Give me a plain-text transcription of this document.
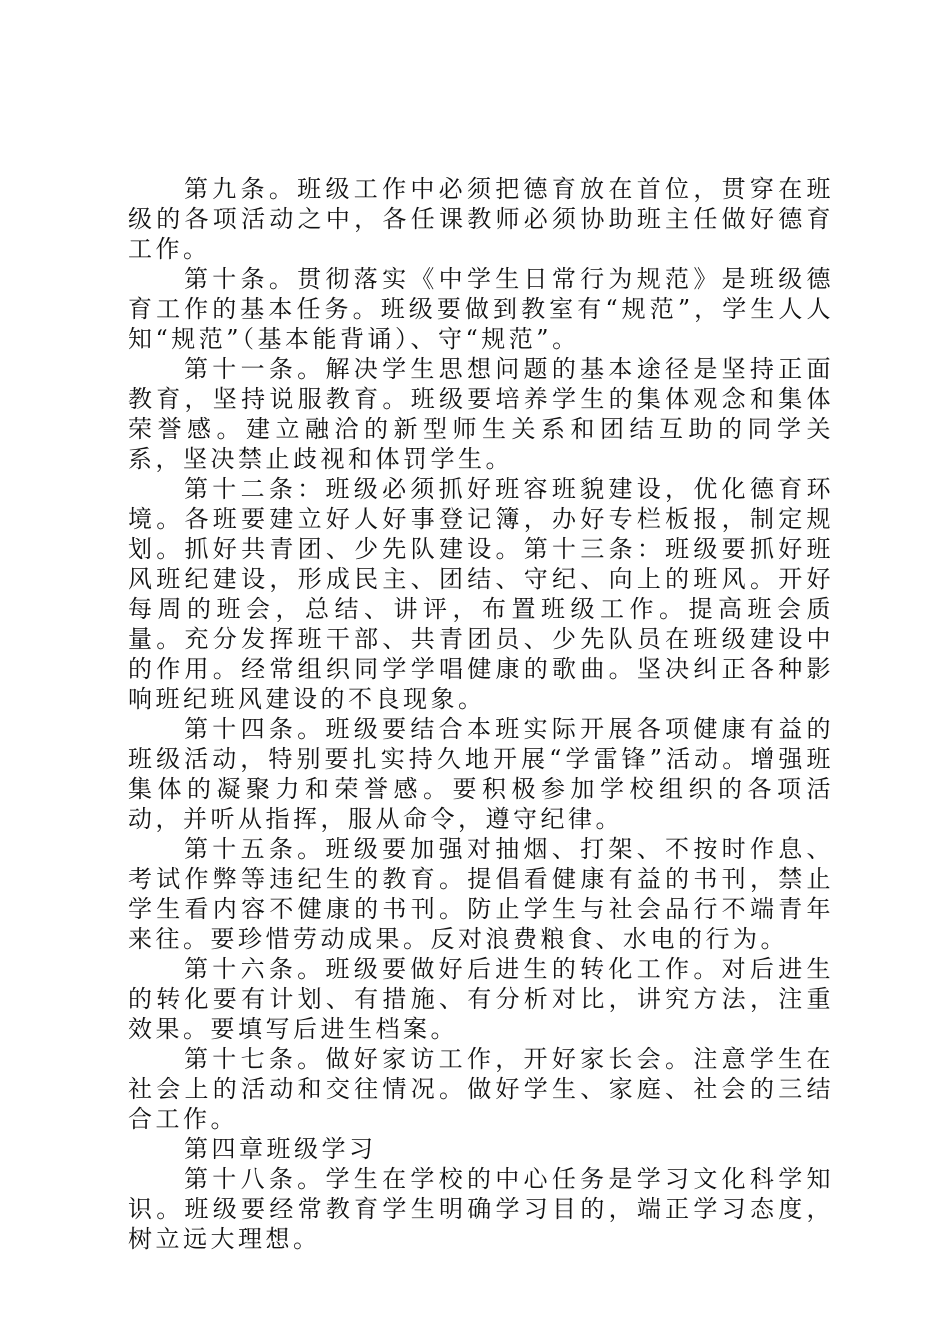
第九条。班级工作中必须把德育放在首位，贯穿在班级的各项活动之中，各任课教师必须协助班主任做好德育工作。

第十条。贯彻落实《中学生日常行为规范》是班级德育工作的基本任务。班级要做到教室有“规范”，学生人人知“规范”（基本能背诵）、守“规范”。

第十一条。解决学生思想问题的基本途径是坚持正面教育，坚持说服教育。班级要培养学生的集体观念和集体荣誉感。建立融洽的新型师生关系和团结互助的同学关系，坚决禁止歧视和体罚学生。

第十二条：班级必须抓好班容班貌建设，优化德育环境。各班要建立好人好事登记簿，办好专栏板报，制定规划。抓好共青团、少先队建设。第十三条：班级要抓好班风班纪建设，形成民主、团结、守纪、向上的班风。开好每周的班会，总结、讲评，布置班级工作。提高班会质量。充分发挥班干部、共青团员、少先队员在班级建设中的作用。经常组织同学学唱健康的歌曲。坚决纠正各种影响班纪班风建设的不良现象。

第十四条。班级要结合本班实际开展各项健康有益的班级活动，特别要扎实持久地开展“学雷锋”活动。增强班集体的凝聚力和荣誉感。要积极参加学校组织的各项活动，并听从指挥，服从命令，遵守纪律。

第十五条。班级要加强对抽烟、打架、不按时作息、考试作弊等违纪生的教育。提倡看健康有益的书刊，禁止学生看内容不健康的书刊。防止学生与社会品行不端青年来往。要珍惜劳动成果。反对浪费粮食、水电的行为。

第十六条。班级要做好后进生的转化工作。对后进生的转化要有计划、有措施、有分析对比，讲究方法，注重效果。要填写后进生档案。

第十七条。做好家访工作，开好家长会。注意学生在社会上的活动和交往情况。做好学生、家庭、社会的三结合工作。

第四章班级学习

第十八条。学生在学校的中心任务是学习文化科学知识。班级要经常教育学生明确学习目的，端正学习态度，树立远大理想。
